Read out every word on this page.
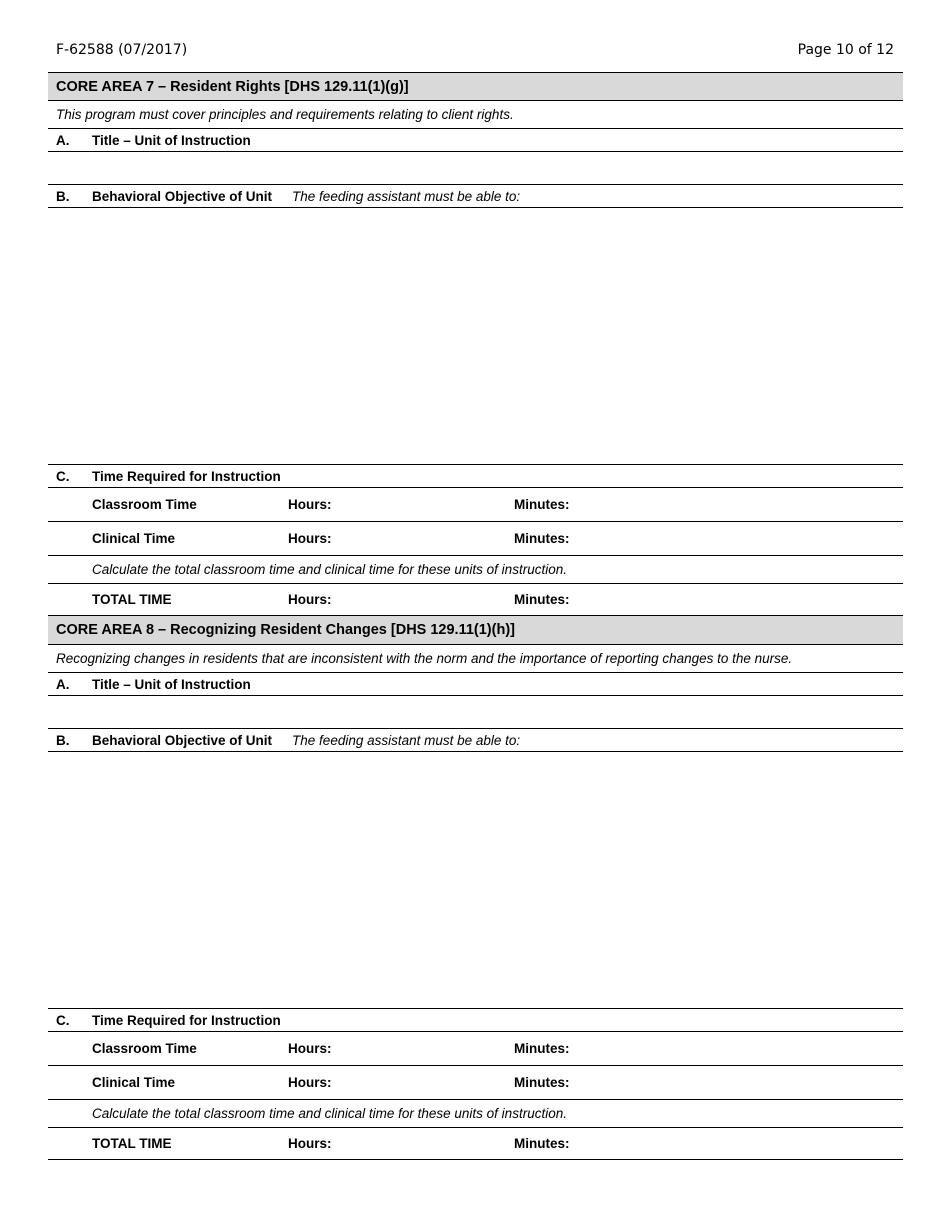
F-62588 (07/2017)	Page 10 of 12
CORE AREA 7 – Resident Rights [DHS 129.11(1)(g)]
This program must cover principles and requirements relating to client rights.
A.	Title – Unit of Instruction
B.	Behavioral Objective of Unit The feeding assistant must be able to:
C.	Time Required for Instruction
Classroom Time	Hours:	Minutes:
Clinical Time	Hours:	Minutes:
Calculate the total classroom time and clinical time for these units of instruction.
TOTAL TIME	Hours:	Minutes:
CORE AREA 8 – Recognizing Resident Changes [DHS 129.11(1)(h)]
Recognizing changes in residents that are inconsistent with the norm and the importance of reporting changes to the nurse.
A.	Title – Unit of Instruction
B.	Behavioral Objective of Unit The feeding assistant must be able to:
C.	Time Required for Instruction
Classroom Time	Hours:	Minutes:
Clinical Time	Hours:	Minutes:
Calculate the total classroom time and clinical time for these units of instruction.
TOTAL TIME	Hours:	Minutes:
